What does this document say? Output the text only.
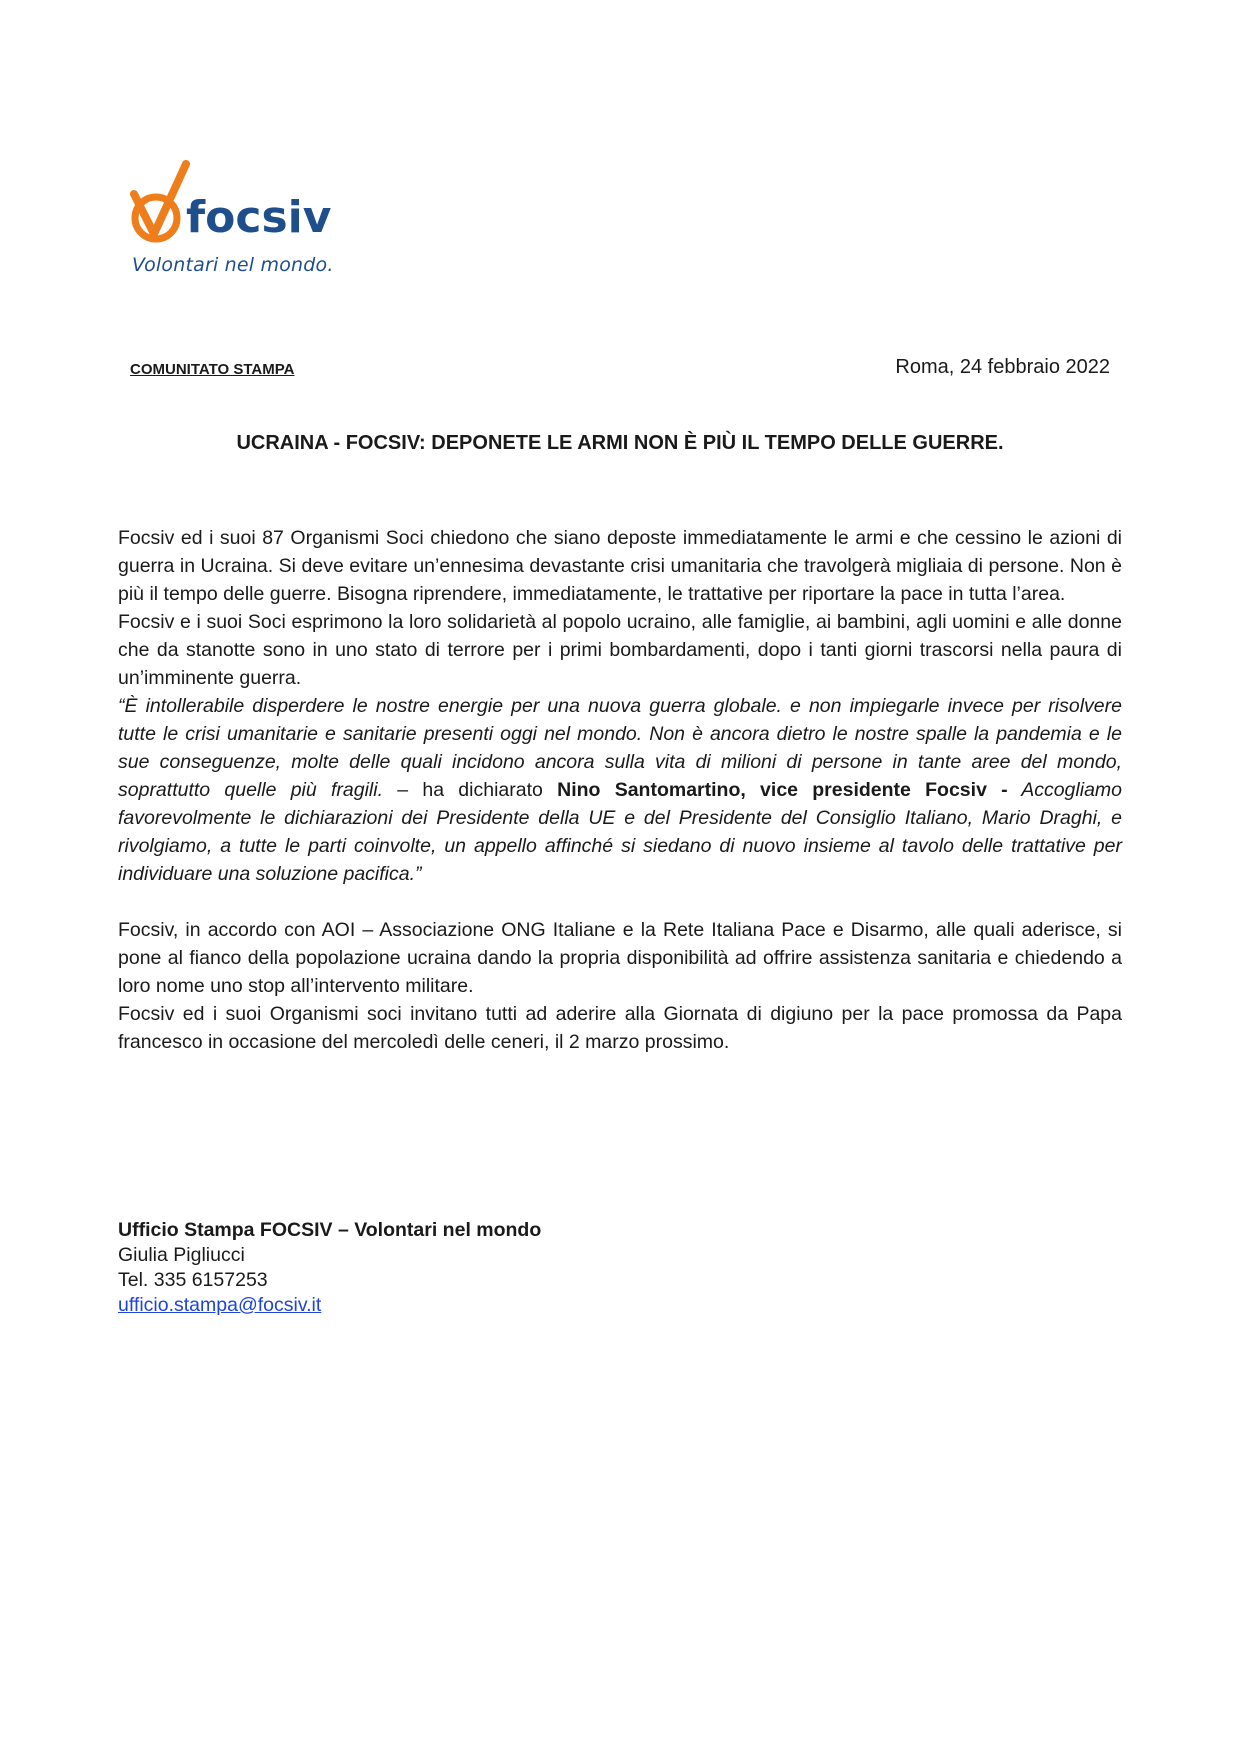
focsiv
Volontari nel mondo.
COMUNITATO STAMPA	Roma, 24 febbraio 2022
UCRAINA - FOCSIV: DEPONETE LE ARMI NON È PIÙ IL TEMPO DELLE GUERRE.

Focsiv ed i suoi 87 Organismi Soci chiedono che siano deposte immediatamente le armi e che cessino le azioni di guerra in Ucraina. Si deve evitare un’ennesima devastante crisi umanitaria che travolgerà migliaia di persone. Non è più il tempo delle guerre. Bisogna riprendere, immediatamente, le trattative per riportare la pace in tutta l’area.

Focsiv e i suoi Soci esprimono la loro solidarietà al popolo ucraino, alle famiglie, ai bambini, agli uomini e alle donne che da stanotte sono in uno stato di terrore per i primi bombardamenti, dopo i tanti giorni trascorsi nella paura di un’imminente guerra.

“È intollerabile disperdere le nostre energie per una nuova guerra globale. e non impiegarle invece per risolvere tutte le crisi umanitarie e sanitarie presenti oggi nel mondo. Non è ancora dietro le nostre spalle la pandemia e le sue conseguenze, molte delle quali incidono ancora sulla vita di milioni di persone in tante aree del mondo, soprattutto quelle più fragili. – ha dichiarato Nino Santomartino, vice presidente Focsiv - Accogliamo favorevolmente le dichiarazioni dei Presidente della UE e del Presidente del Consiglio Italiano, Mario Draghi, e rivolgiamo, a tutte le parti coinvolte, un appello affinché si siedano di nuovo insieme al tavolo delle trattative per individuare una soluzione pacifica.”

Focsiv, in accordo con AOI – Associazione ONG Italiane e la Rete Italiana Pace e Disarmo, alle quali aderisce, si pone al fianco della popolazione ucraina dando la propria disponibilità ad offrire assistenza sanitaria e chiedendo a loro nome uno stop all’intervento militare.

Focsiv ed i suoi Organismi soci invitano tutti ad aderire alla Giornata di digiuno per la pace promossa da Papa francesco in occasione del mercoledì delle ceneri, il 2 marzo prossimo.

Ufficio Stampa FOCSIV – Volontari nel mondo
Giulia Pigliucci
Tel. 335 6157253
ufficio.stampa@focsiv.it
